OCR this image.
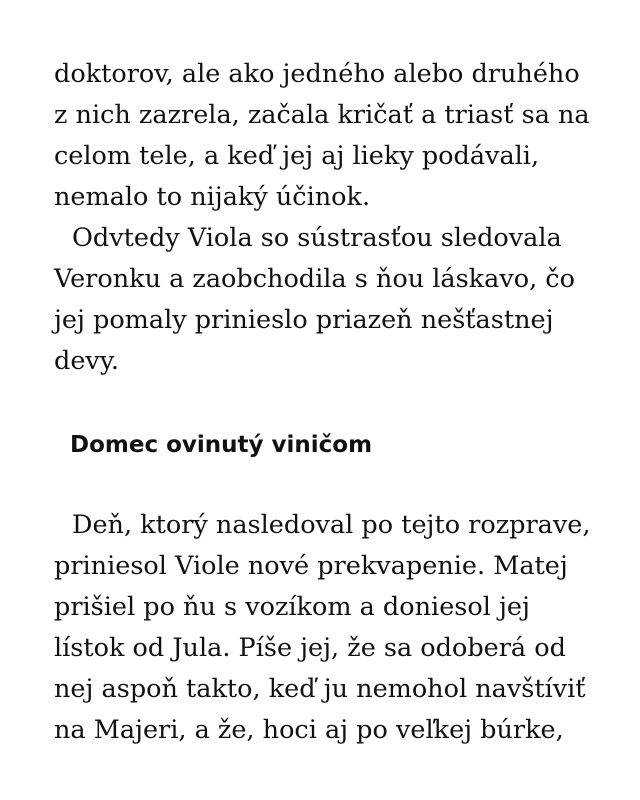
doktorov, ale ako jedného alebo druhého
z nich zazrela, začala kričať a triasť sa na
celom tele, a keď jej aj lieky podávali,
nemalo to nijaký účinok.
Odvtedy Viola so sústrasťou sledovala
Veronku a zaobchodila s ňou láskavo, čo
jej pomaly prinieslo priazeň nešťastnej
devy.
Domec ovinutý viničom
Deň, ktorý nasledoval po tejto rozprave,
priniesol Viole nové prekvapenie. Matej
prišiel po ňu s vozíkom a doniesol jej
lístok od Jula. Píše jej, že sa odoberá od
nej aspoň takto, keď ju nemohol navštíviť
na Majeri, a že, hoci aj po veľkej búrke,
